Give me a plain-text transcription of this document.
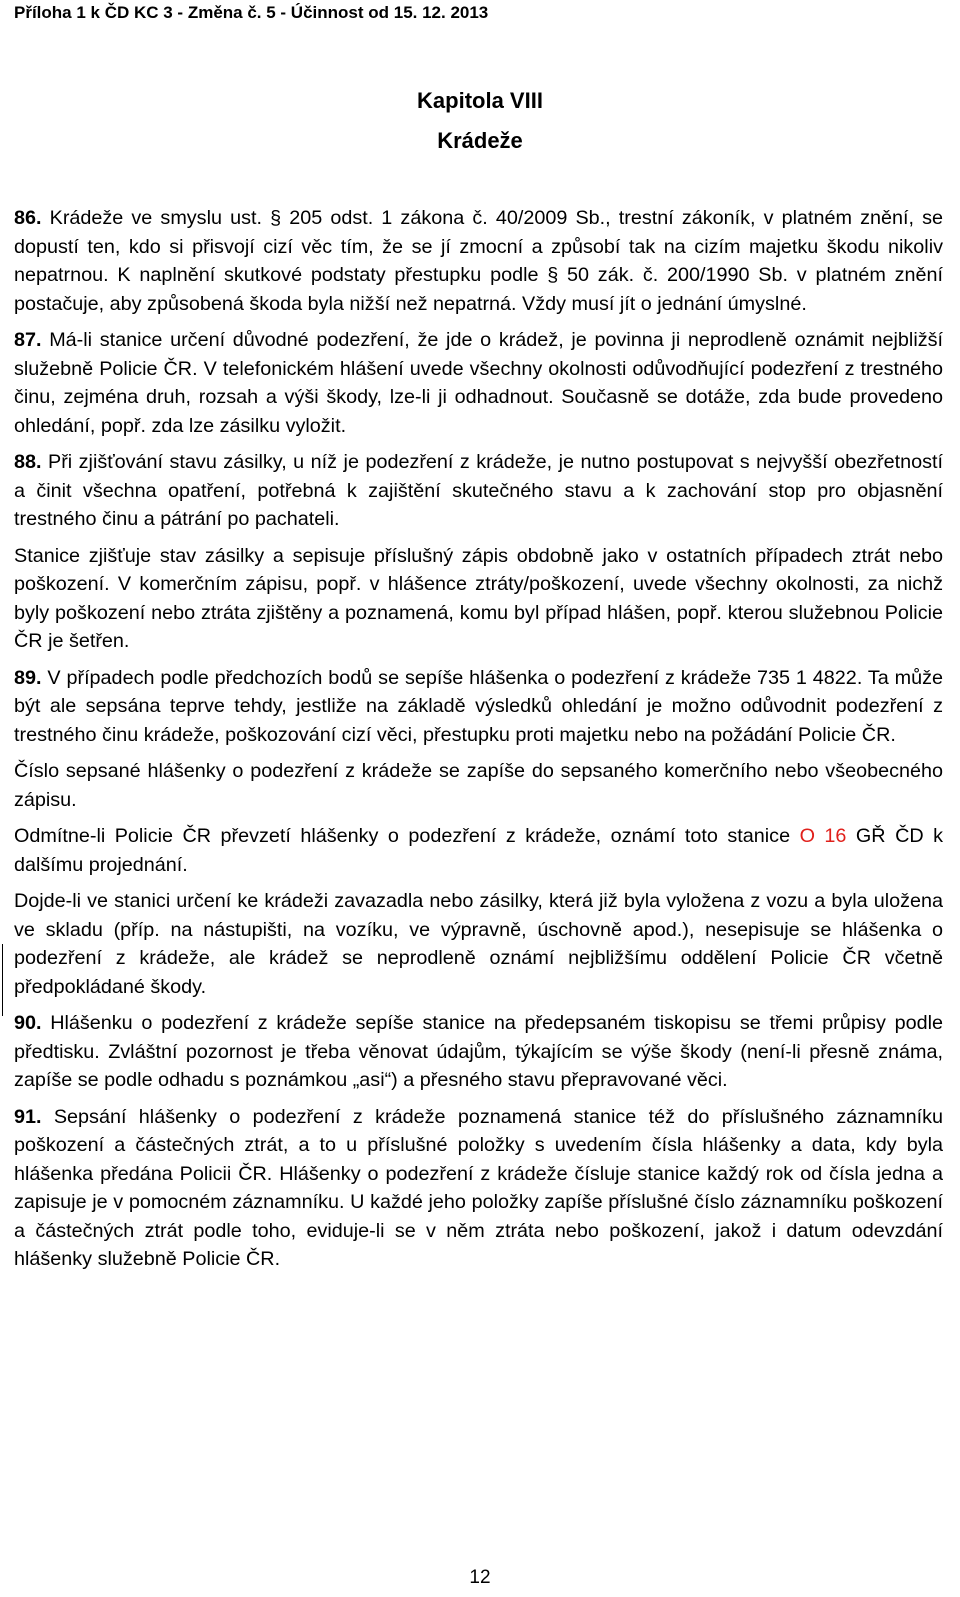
Příloha 1 k ČD KC 3 - Změna č. 5 - Účinnost od 15. 12. 2013
Kapitola VIII
Krádeže

86. Krádeže ve smyslu ust. § 205 odst. 1 zákona č. 40/2009 Sb., trestní zákoník, v platném znění, se dopustí ten, kdo si přisvojí cizí věc tím, že se jí zmocní a způsobí tak na cizím majetku škodu nikoliv nepatrnou. K naplnění skutkové podstaty přestupku podle § 50 zák. č. 200/1990 Sb. v platném znění postačuje, aby způsobená škoda byla nižší než nepatrná. Vždy musí jít o jednání úmyslné.

87. Má-li stanice určení důvodné podezření, že jde o krádež, je povinna ji neprodleně oznámit nejbližší služebně Policie ČR. V telefonickém hlášení uvede všechny okolnosti odůvodňující podezření z trestného činu, zejména druh, rozsah a výši škody, lze-li ji odhadnout. Současně se dotáže, zda bude provedeno ohledání, popř. zda lze zásilku vyložit.

88. Při zjišťování stavu zásilky, u níž je podezření z krádeže, je nutno postupovat s nejvyšší obezřetností a činit všechna opatření, potřebná k zajištění skutečného stavu a k zachování stop pro objasnění trestného činu a pátrání po pachateli.

Stanice zjišťuje stav zásilky a sepisuje příslušný zápis obdobně jako v ostatních případech ztrát nebo poškození. V komerčním zápisu, popř. v hlášence ztráty/poškození, uvede všechny okolnosti, za nichž byly poškození nebo ztráta zjištěny a poznamená, komu byl případ hlášen, popř. kterou služebnou Policie ČR je šetřen.

89. V případech podle předchozích bodů se sepíše hlášenka o podezření z krádeže 735 1 4822. Ta může být ale sepsána teprve tehdy, jestliže na základě výsledků ohledání je možno odůvodnit podezření z trestného činu krádeže, poškozování cizí věci, přestupku proti majetku nebo na požádání Policie ČR.

Číslo sepsané hlášenky o podezření z krádeže se zapíše do sepsaného komerčního nebo všeobecného zápisu.

Odmítne-li Policie ČR převzetí hlášenky o podezření z krádeže, oznámí toto stanice O 16 GŘ ČD k dalšímu projednání.

Dojde-li ve stanici určení ke krádeži zavazadla nebo zásilky, která již byla vyložena z vozu a byla uložena ve skladu (příp. na nástupišti, na vozíku, ve výpravně, úschovně apod.), nesepisuje se hlášenka o podezření z krádeže, ale krádež se neprodleně oznámí nejbližšímu oddělení Policie ČR včetně předpokládané škody.

90. Hlášenku o podezření z krádeže sepíše stanice na předepsaném tiskopisu se třemi průpisy podle předtisku. Zvláštní pozornost je třeba věnovat údajům, týkajícím se výše škody (není-li přesně známa, zapíše se podle odhadu s poznámkou „asi“) a přesného stavu přepravované věci.

91. Sepsání hlášenky o podezření z krádeže poznamená stanice též do příslušného záznamníku poškození a částečných ztrát, a to u příslušné položky s uvedením čísla hlášenky a data, kdy byla hlášenka předána Policii ČR. Hlášenky o podezření z krádeže čísluje stanice každý rok od čísla jedna a zapisuje je v pomocném záznamníku. U každé jeho položky zapíše příslušné číslo záznamníku poškození a částečných ztrát podle toho, eviduje-li se v něm ztráta nebo poškození, jakož i datum odevzdání hlášenky služebně Policie ČR.

12
